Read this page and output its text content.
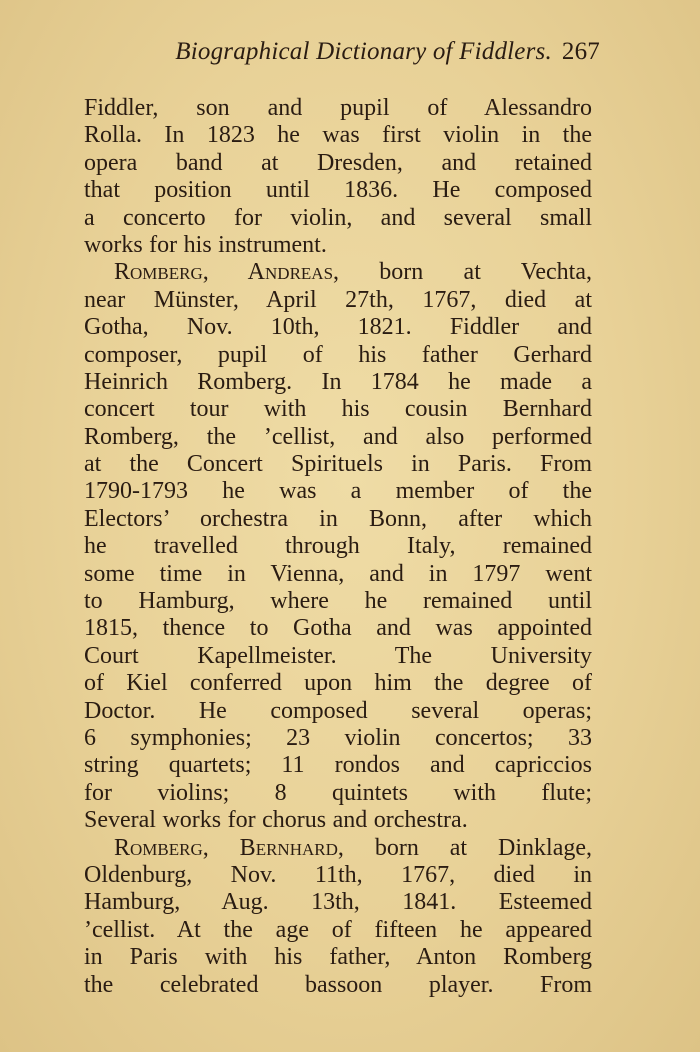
Biographical Dictionary of Fiddlers. 267

Fiddler, son and pupil of Alessandro
Rolla. In 1823 he was first violin in the
opera band at Dresden, and retained
that position until 1836. He composed
a concerto for violin, and several small
works for his instrument.

Romberg, Andreas, born at Vechta,
near Münster, April 27th, 1767, died at
Gotha, Nov. 10th, 1821. Fiddler and
composer, pupil of his father Gerhard
Heinrich Romberg. In 1784 he made a
concert tour with his cousin Bernhard
Romberg, the ’cellist, and also performed
at the Concert Spirituels in Paris. From
1790-1793 he was a member of the
Electors’ orchestra in Bonn, after which
he travelled through Italy, remained
some time in Vienna, and in 1797 went
to Hamburg, where he remained until
1815, thence to Gotha and was appointed
Court Kapellmeister. The University
of Kiel conferred upon him the degree of
Doctor. He composed several operas;
6 symphonies; 23 violin concertos; 33
string quartets; 11 rondos and capriccios
for violins; 8 quintets with flute;
Several works for chorus and orchestra.

Romberg, Bernhard, born at Dinklage,
Oldenburg, Nov. 11th, 1767, died in
Hamburg, Aug. 13th, 1841. Esteemed
’cellist. At the age of fifteen he appeared
in Paris with his father, Anton Romberg
the celebrated bassoon player. From
